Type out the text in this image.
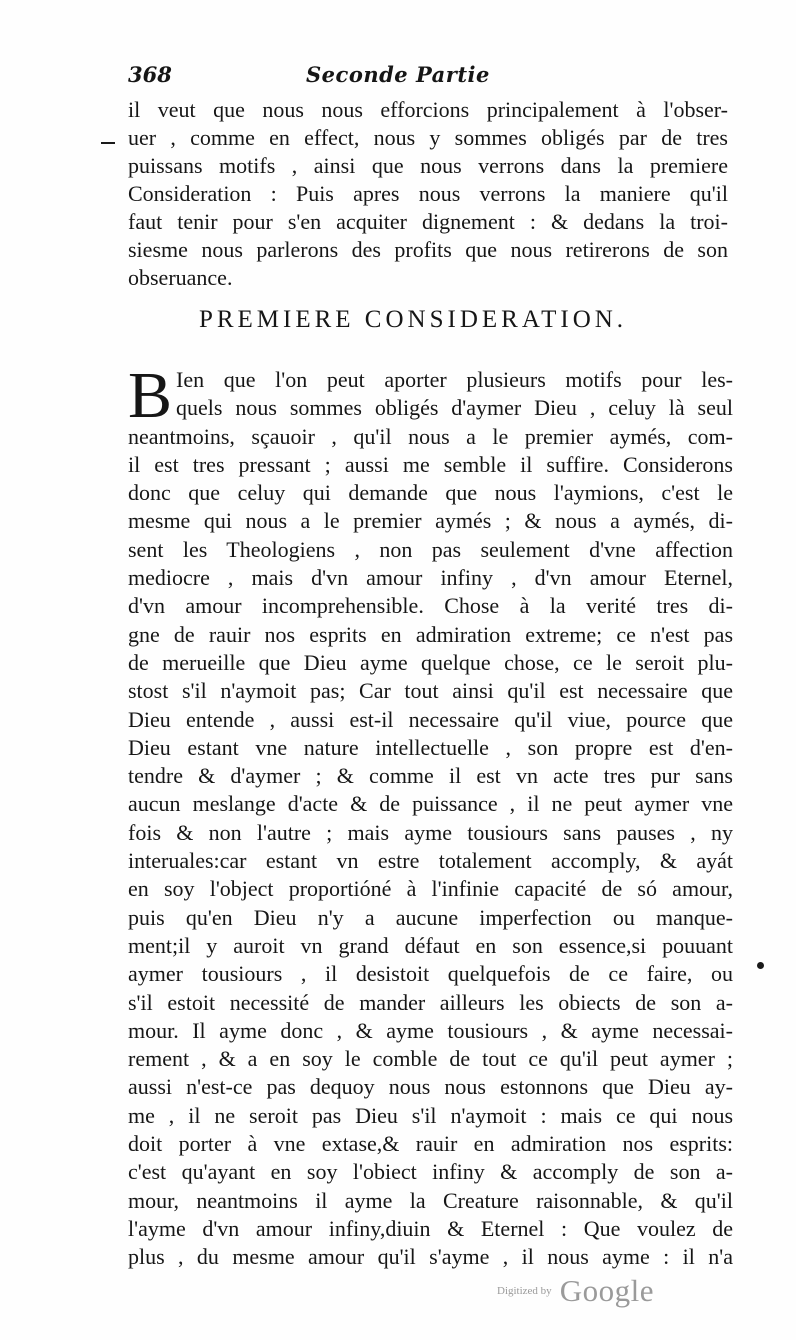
368	Seconde Partie
il veut que nous nous efforcions principalement à l'obser-
uer , comme en effect, nous y sommes obligés par de tres
puissans motifs , ainsi que nous verrons dans la premiere
Consideration : Puis apres nous verrons la maniere qu'il
faut tenir pour s'en acquiter dignement : & dedans la troi-
siesme nous parlerons des profits que nous retirerons de son
obseruance.
PREMIERE CONSIDERATION.
B Ien que l'on peut aporter plusieurs motifs pour les-
quels nous sommes obligés d'aymer Dieu , celuy là seul
neantmoins, sçauoir , qu'il nous a le premier aymés, com-
il est tres pressant ; aussi me semble il suffire. Considerons
donc que celuy qui demande que nous l'aymions, c'est le
mesme qui nous a le premier aymés ; & nous a aymés, di-
sent les Theologiens , non pas seulement d'vne affection
mediocre , mais d'vn amour infiny , d'vn amour Eternel,
d'vn amour incomprehensible. Chose à la verité tres di-
gne de rauir nos esprits en admiration extreme; ce n'est pas
de merueille que Dieu ayme quelque chose, ce le seroit plu-
stost s'il n'aymoit pas; Car tout ainsi qu'il est necessaire que
Dieu entende , aussi est-il necessaire qu'il viue, pource que
Dieu estant vne nature intellectuelle , son propre est d'en-
tendre & d'aymer ; & comme il est vn acte tres pur sans
aucun meslange d'acte & de puissance , il ne peut aymer vne
fois & non l'autre ; mais ayme tousiours sans pauses , ny
interuales:car estant vn estre totalement accomply, & ayát
en soy l'object proportióné à l'infinie capacité de só amour,
puis qu'en Dieu n'y a aucune imperfection ou manque-
ment;il y auroit vn grand défaut en son essence,si pouuant
aymer tousiours , il desistoit quelquefois de ce faire, ou
s'il estoit necessité de mander ailleurs les obiects de son a-
mour. Il ayme donc , & ayme tousiours , & ayme necessai-
rement , & a en soy le comble de tout ce qu'il peut aymer ;
aussi n'est-ce pas dequoy nous nous estonnons que Dieu ay-
me , il ne seroit pas Dieu s'il n'aymoit : mais ce qui nous
doit porter à vne extase,& rauir en admiration nos esprits:
c'est qu'ayant en soy l'obiect infiny & accomply de son a-
mour, neantmoins il ayme la Creature raisonnable, & qu'il
l'ayme d'vn amour infiny,diuin & Eternel : Que voulez de
plus , du mesme amour qu'il s'ayme , il nous ayme : il n'a
Digitized by Google
